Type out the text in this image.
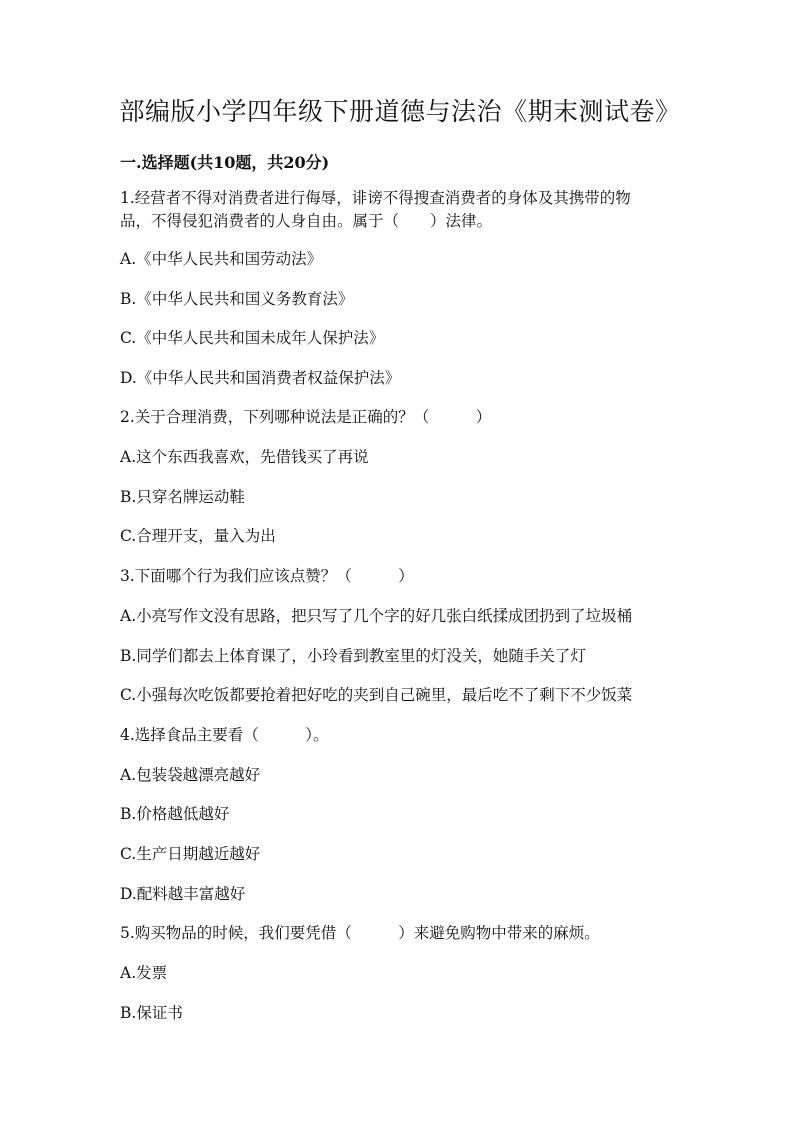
部编版小学四年级下册道德与法治《期末测试卷》
一.选择题(共10题，共20分)

1.经营者不得对消费者进行侮辱，诽谤不得搜查消费者的身体及其携带的物

品，不得侵犯消费者的人身自由。属于（　　）法律。

A.《中华人民共和国劳动法》

B.《中华人民共和国义务教育法》

C.《中华人民共和国未成年人保护法》

D.《中华人民共和国消费者权益保护法》

2.关于合理消费，下列哪种说法是正确的？（　　　）

A.这个东西我喜欢，先借钱买了再说

B.只穿名牌运动鞋

C.合理开支，量入为出

3.下面哪个行为我们应该点赞？（　　　）

A.小亮写作文没有思路，把只写了几个字的好几张白纸揉成团扔到了垃圾桶

B.同学们都去上体育课了，小玲看到教室里的灯没关，她随手关了灯

C.小强每次吃饭都要抢着把好吃的夹到自己碗里，最后吃不了剩下不少饭菜

4.选择食品主要看（　　　）。

A.包装袋越漂亮越好

B.价格越低越好

C.生产日期越近越好

D.配料越丰富越好

5.购买物品的时候，我们要凭借（　　　）来避免购物中带来的麻烦。

A.发票

B.保证书
